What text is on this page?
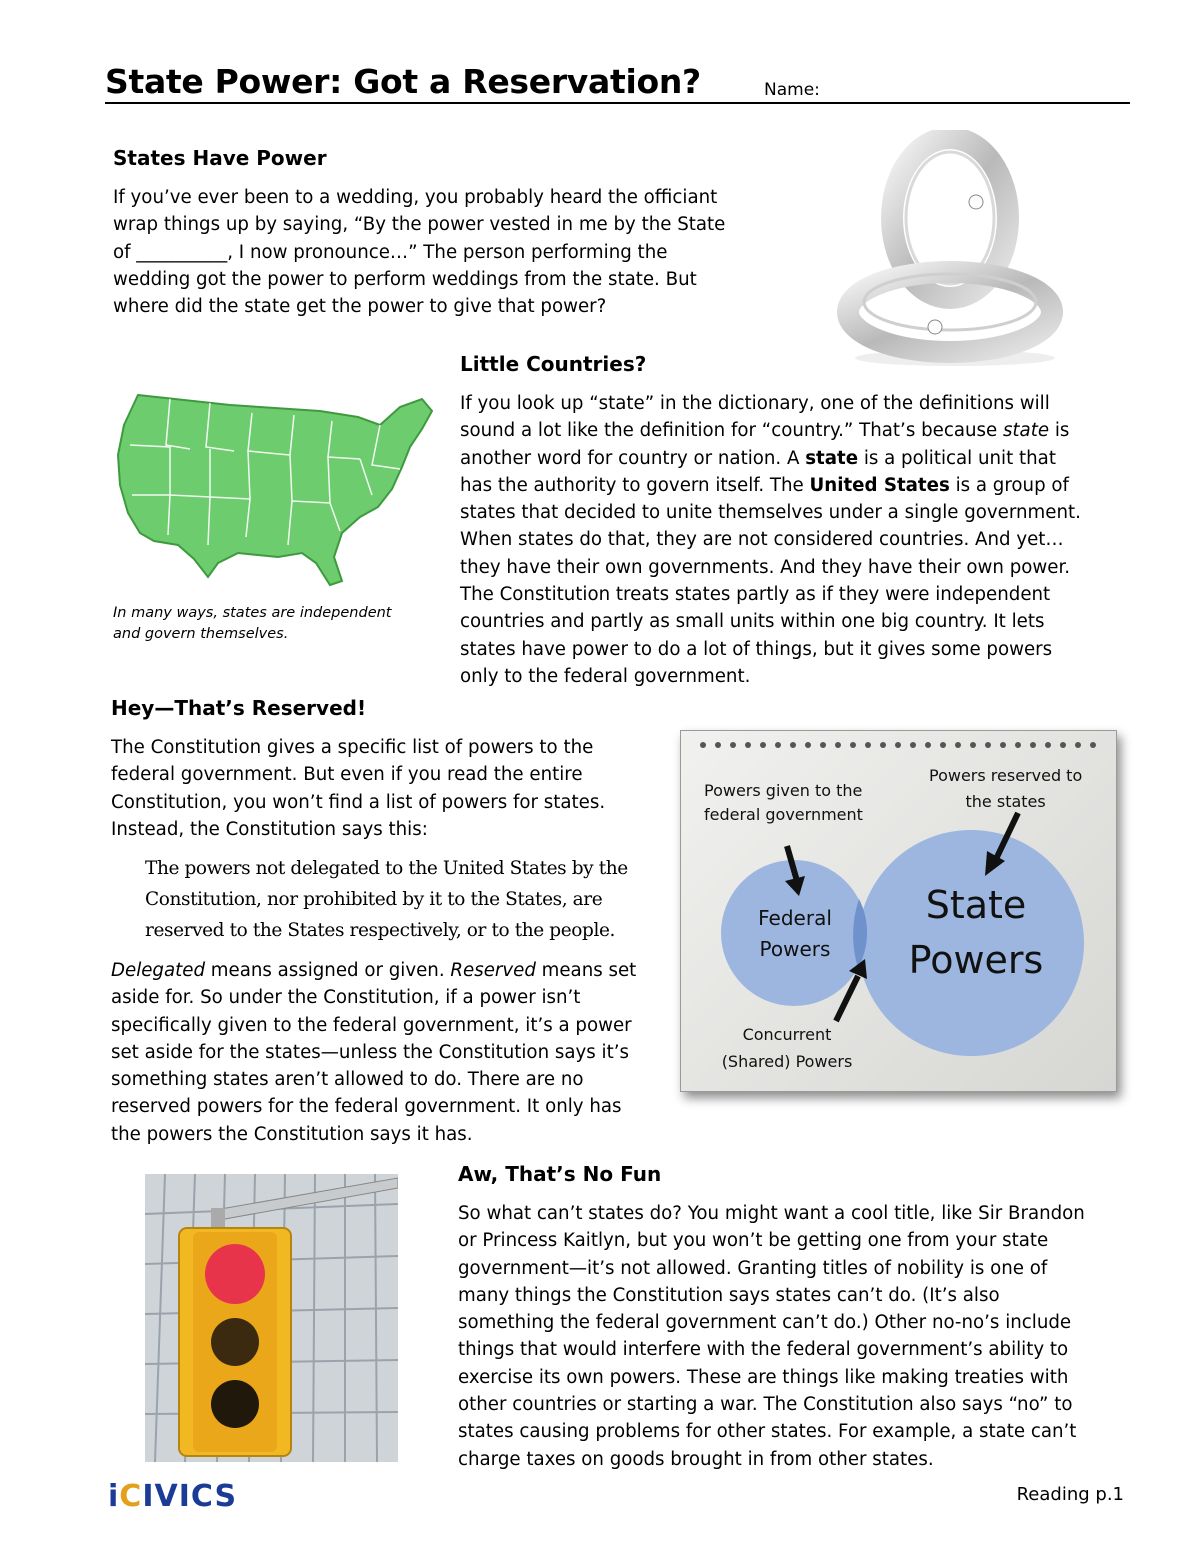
State Power: Got a Reservation?	Name:
States Have Power
If you’ve ever been to a wedding, you probably heard the officiant
wrap things up by saying, “By the power vested in me by the State
of __________, I now pronounce…” The person performing the
wedding got the power to perform weddings from the state. But
where did the state get the power to give that power?
Little Countries?
If you look up “state” in the dictionary, one of the definitions will
sound a lot like the definition for “country.” That’s because state is
another word for country or nation. A state is a political unit that
has the authority to govern itself. The United States is a group of
states that decided to unite themselves under a single government.
When states do that, they are not considered countries. And yet…
they have their own governments. And they have their own power.
The Constitution treats states partly as if they were independent
countries and partly as small units within one big country. It lets
states have power to do a lot of things, but it gives some powers
only to the federal government.
In many ways, states are independent
and govern themselves.
Hey—That’s Reserved!
The Constitution gives a specific list of powers to the
federal government. But even if you read the entire
Constitution, you won’t find a list of powers for states.
Instead, the Constitution says this:
The powers not delegated to the United States by the
Constitution, nor prohibited by it to the States, are
reserved to the States respectively, or to the people.
Delegated means assigned or given. Reserved means set
aside for. So under the Constitution, if a power isn’t
specifically given to the federal government, it’s a power
set aside for the states—unless the Constitution says it’s
something states aren’t allowed to do. There are no
reserved powers for the federal government. It only has
the powers the Constitution says it has.
Powers given to the
federal government
Powers reserved to
the states
Federal
Powers
State
Powers
Concurrent
(Shared) Powers
Aw, That’s No Fun
So what can’t states do? You might want a cool title, like Sir Brandon
or Princess Kaitlyn, but you won’t be getting one from your state
government—it’s not allowed. Granting titles of nobility is one of
many things the Constitution says states can’t do. (It’s also
something the federal government can’t do.) Other no-no’s include
things that would interfere with the federal government’s ability to
exercise its own powers. These are things like making treaties with
other countries or starting a war. The Constitution also says “no” to
states causing problems for other states. For example, a state can’t
charge taxes on goods brought in from other states.
iCIVICS	Reading p.1
